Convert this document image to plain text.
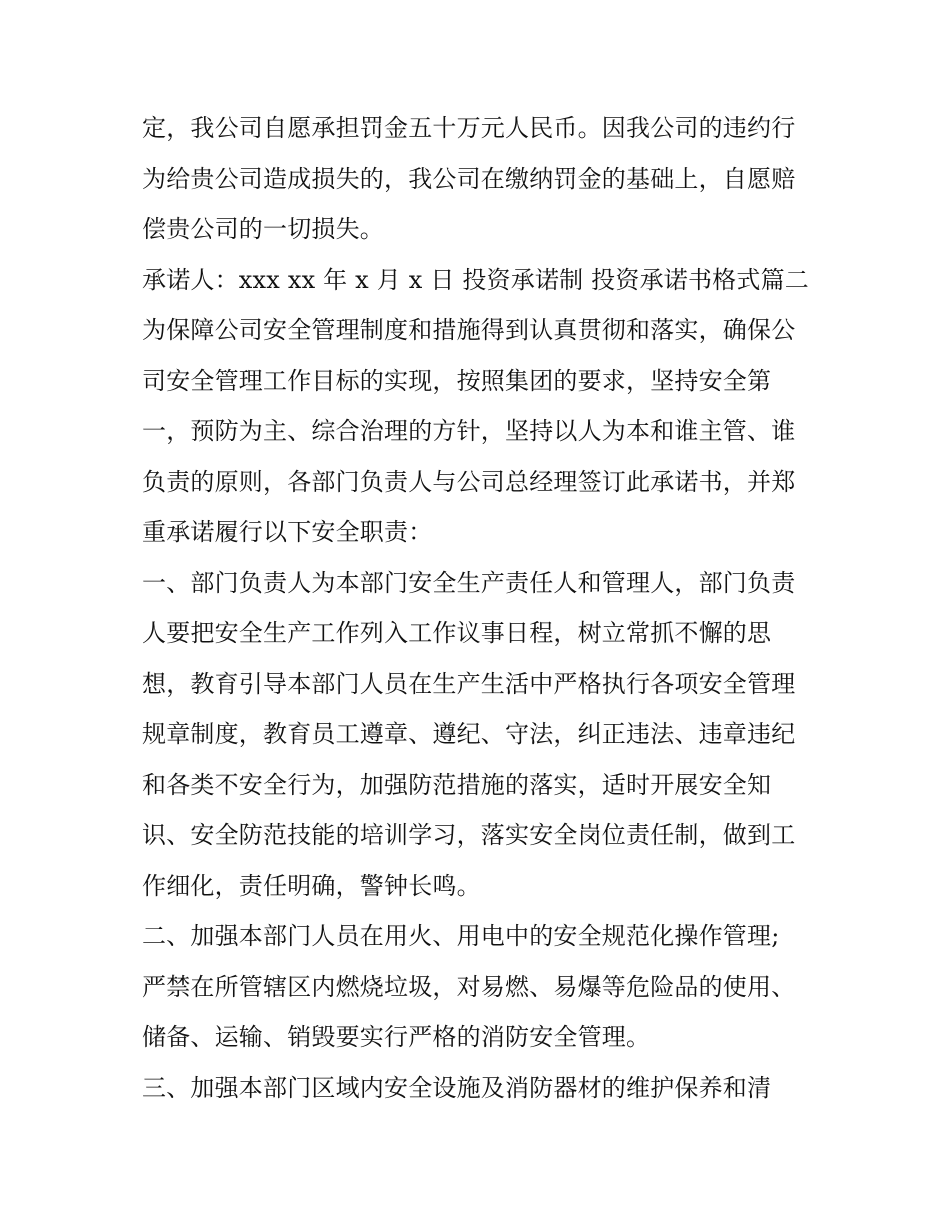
定，我公司自愿承担罚金五十万元人民币。因我公司的违约行
为给贵公司造成损失的，我公司在缴纳罚金的基础上，自愿赔
偿贵公司的一切损失。
承诺人：xxx xx 年 x 月 x 日 投资承诺制 投资承诺书格式篇二
为保障公司安全管理制度和措施得到认真贯彻和落实，确保公
司安全管理工作目标的实现，按照集团的要求，坚持安全第
一，预防为主、综合治理的方针，坚持以人为本和谁主管、谁
负责的原则，各部门负责人与公司总经理签订此承诺书，并郑
重承诺履行以下安全职责：
一、部门负责人为本部门安全生产责任人和管理人，部门负责
人要把安全生产工作列入工作议事日程，树立常抓不懈的思
想，教育引导本部门人员在生产生活中严格执行各项安全管理
规章制度，教育员工遵章、遵纪、守法，纠正违法、违章违纪
和各类不安全行为，加强防范措施的落实，适时开展安全知
识、安全防范技能的培训学习，落实安全岗位责任制，做到工
作细化，责任明确，警钟长鸣。
二、加强本部门人员在用火、用电中的安全规范化操作管理;
严禁在所管辖区内燃烧垃圾，对易燃、易爆等危险品的使用、
储备、运输、销毁要实行严格的消防安全管理。
三、加强本部门区域内安全设施及消防器材的维护保养和清
